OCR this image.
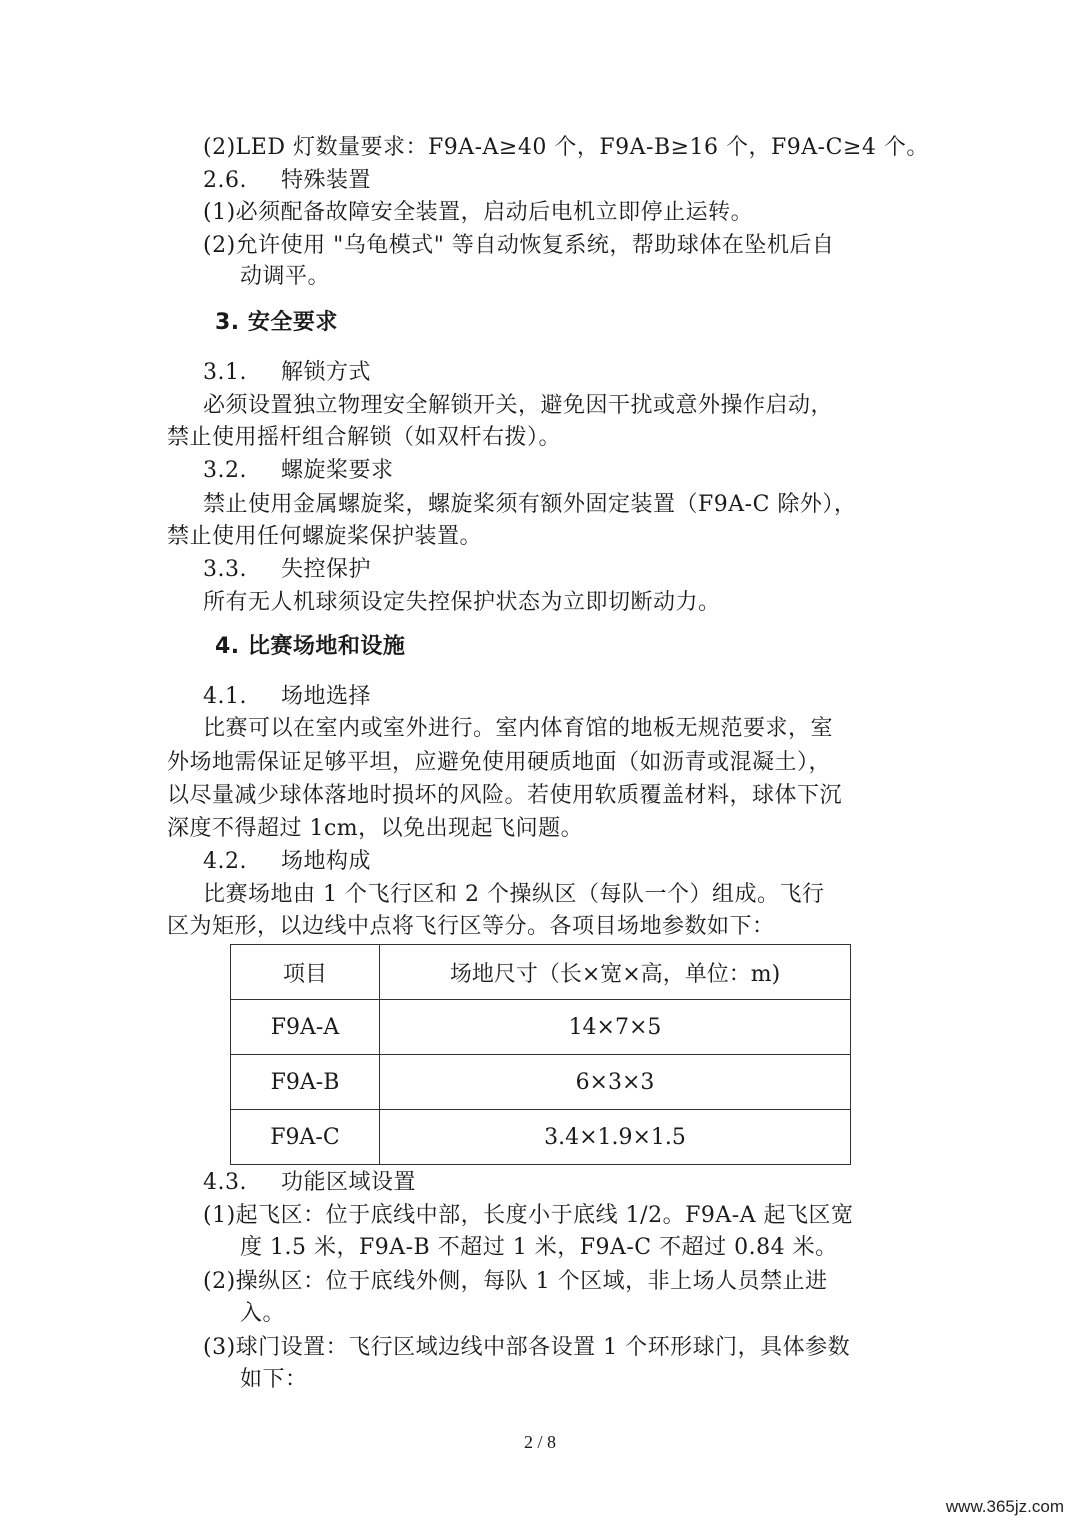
(2)LED 灯数量要求：F9A-A≥40 个，F9A-B≥16 个，F9A-C≥4 个。
2.6. 特殊装置
(1)必须配备故障安全装置，启动后电机立即停止运转。
(2)允许使用 "乌龟模式" 等自动恢复系统，帮助球体在坠机后自
动调平。
3. 安全要求
3.1. 解锁方式
必须设置独立物理安全解锁开关，避免因干扰或意外操作启动，
禁止使用摇杆组合解锁（如双杆右拨）。
3.2. 螺旋桨要求
禁止使用金属螺旋桨，螺旋桨须有额外固定装置（F9A-C 除外），
禁止使用任何螺旋桨保护装置。
3.3. 失控保护
所有无人机球须设定失控保护状态为立即切断动力。
4. 比赛场地和设施
4.1. 场地选择
比赛可以在室内或室外进行。室内体育馆的地板无规范要求，室
外场地需保证足够平坦，应避免使用硬质地面（如沥青或混凝土），
以尽量减少球体落地时损坏的风险。若使用软质覆盖材料，球体下沉
深度不得超过 1cm，以免出现起飞问题。
4.2. 场地构成
比赛场地由 1 个飞行区和 2 个操纵区（每队一个）组成。飞行
区为矩形，以边线中点将飞行区等分。各项目场地参数如下：
项目	场地尺寸（长×宽×高，单位：m)
F9A-A	14×7×5
F9A-B	6×3×3
F9A-C	3.4×1.9×1.5
4.3. 功能区域设置
(1)起飞区：位于底线中部，长度小于底线 1/2。F9A-A 起飞区宽
度 1.5 米，F9A-B 不超过 1 米，F9A-C 不超过 0.84 米。
(2)操纵区：位于底线外侧，每队 1 个区域，非上场人员禁止进
入。
(3)球门设置：飞行区域边线中部各设置 1 个环形球门，具体参数
如下：
2 / 8
www.365jz.com
